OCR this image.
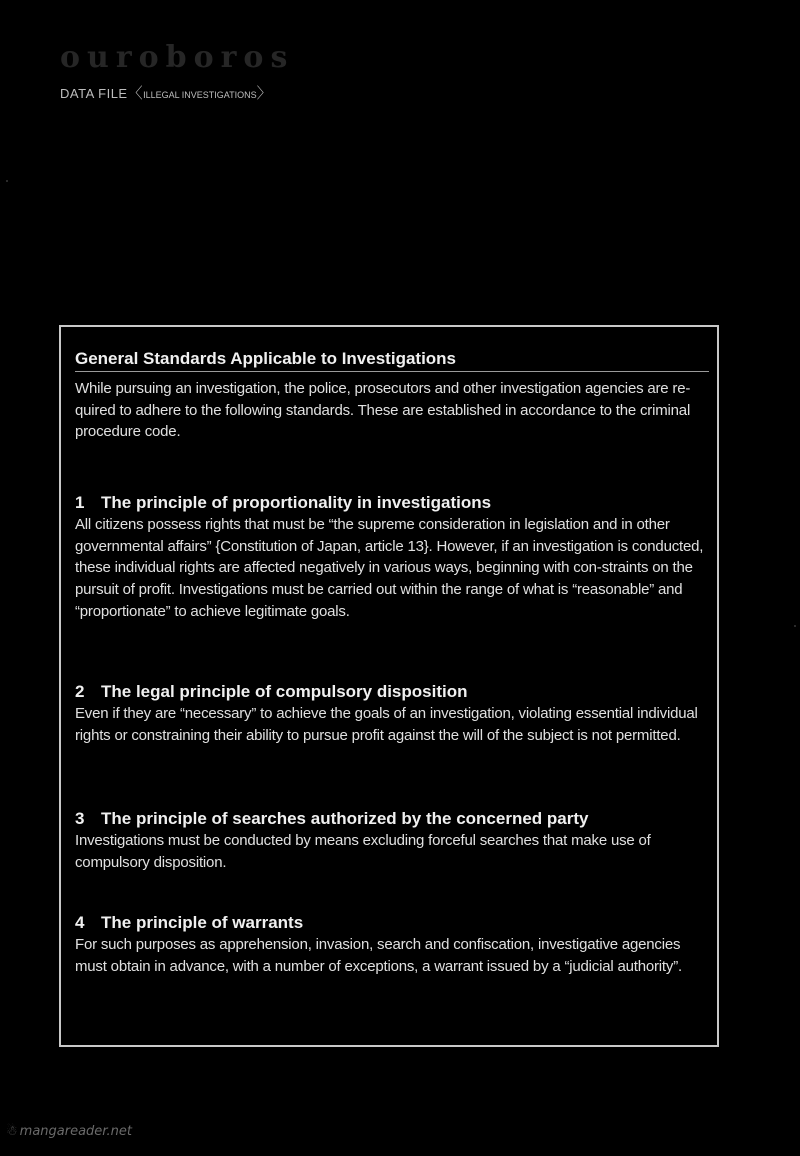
ouroboros
DATA FILE〈ILLEGAL INVESTIGATIONS〉
General Standards Applicable to Investigations
While pursuing an investigation, the police, prosecutors and other investigation agencies are re-quired to adhere to the following standards. These are established in accordance to the criminal procedure code.
1 The principle of proportionality in investigations
All citizens possess rights that must be “the supreme consideration in legislation and in other governmental affairs” {Constitution of Japan, article 13}. However, if an investigation is conducted, these individual rights are affected negatively in various ways, beginning with con-straints on the pursuit of profit. Investigations must be carried out within the range of what is “reasonable” and “proportionate” to achieve legitimate goals.
2 The legal principle of compulsory disposition
Even if they are “necessary” to achieve the goals of an investigation, violating essential individual rights or constraining their ability to pursue profit against the will of the subject is not permitted.
3 The principle of searches authorized by the concerned party
Investigations must be conducted by means excluding forceful searches that make use of compulsory disposition.
4 The principle of warrants
For such purposes as apprehension, invasion, search and confiscation, investigative agencies must obtain in advance, with a number of exceptions, a warrant issued by a “judicial authority”.
☃ mangareader.net
